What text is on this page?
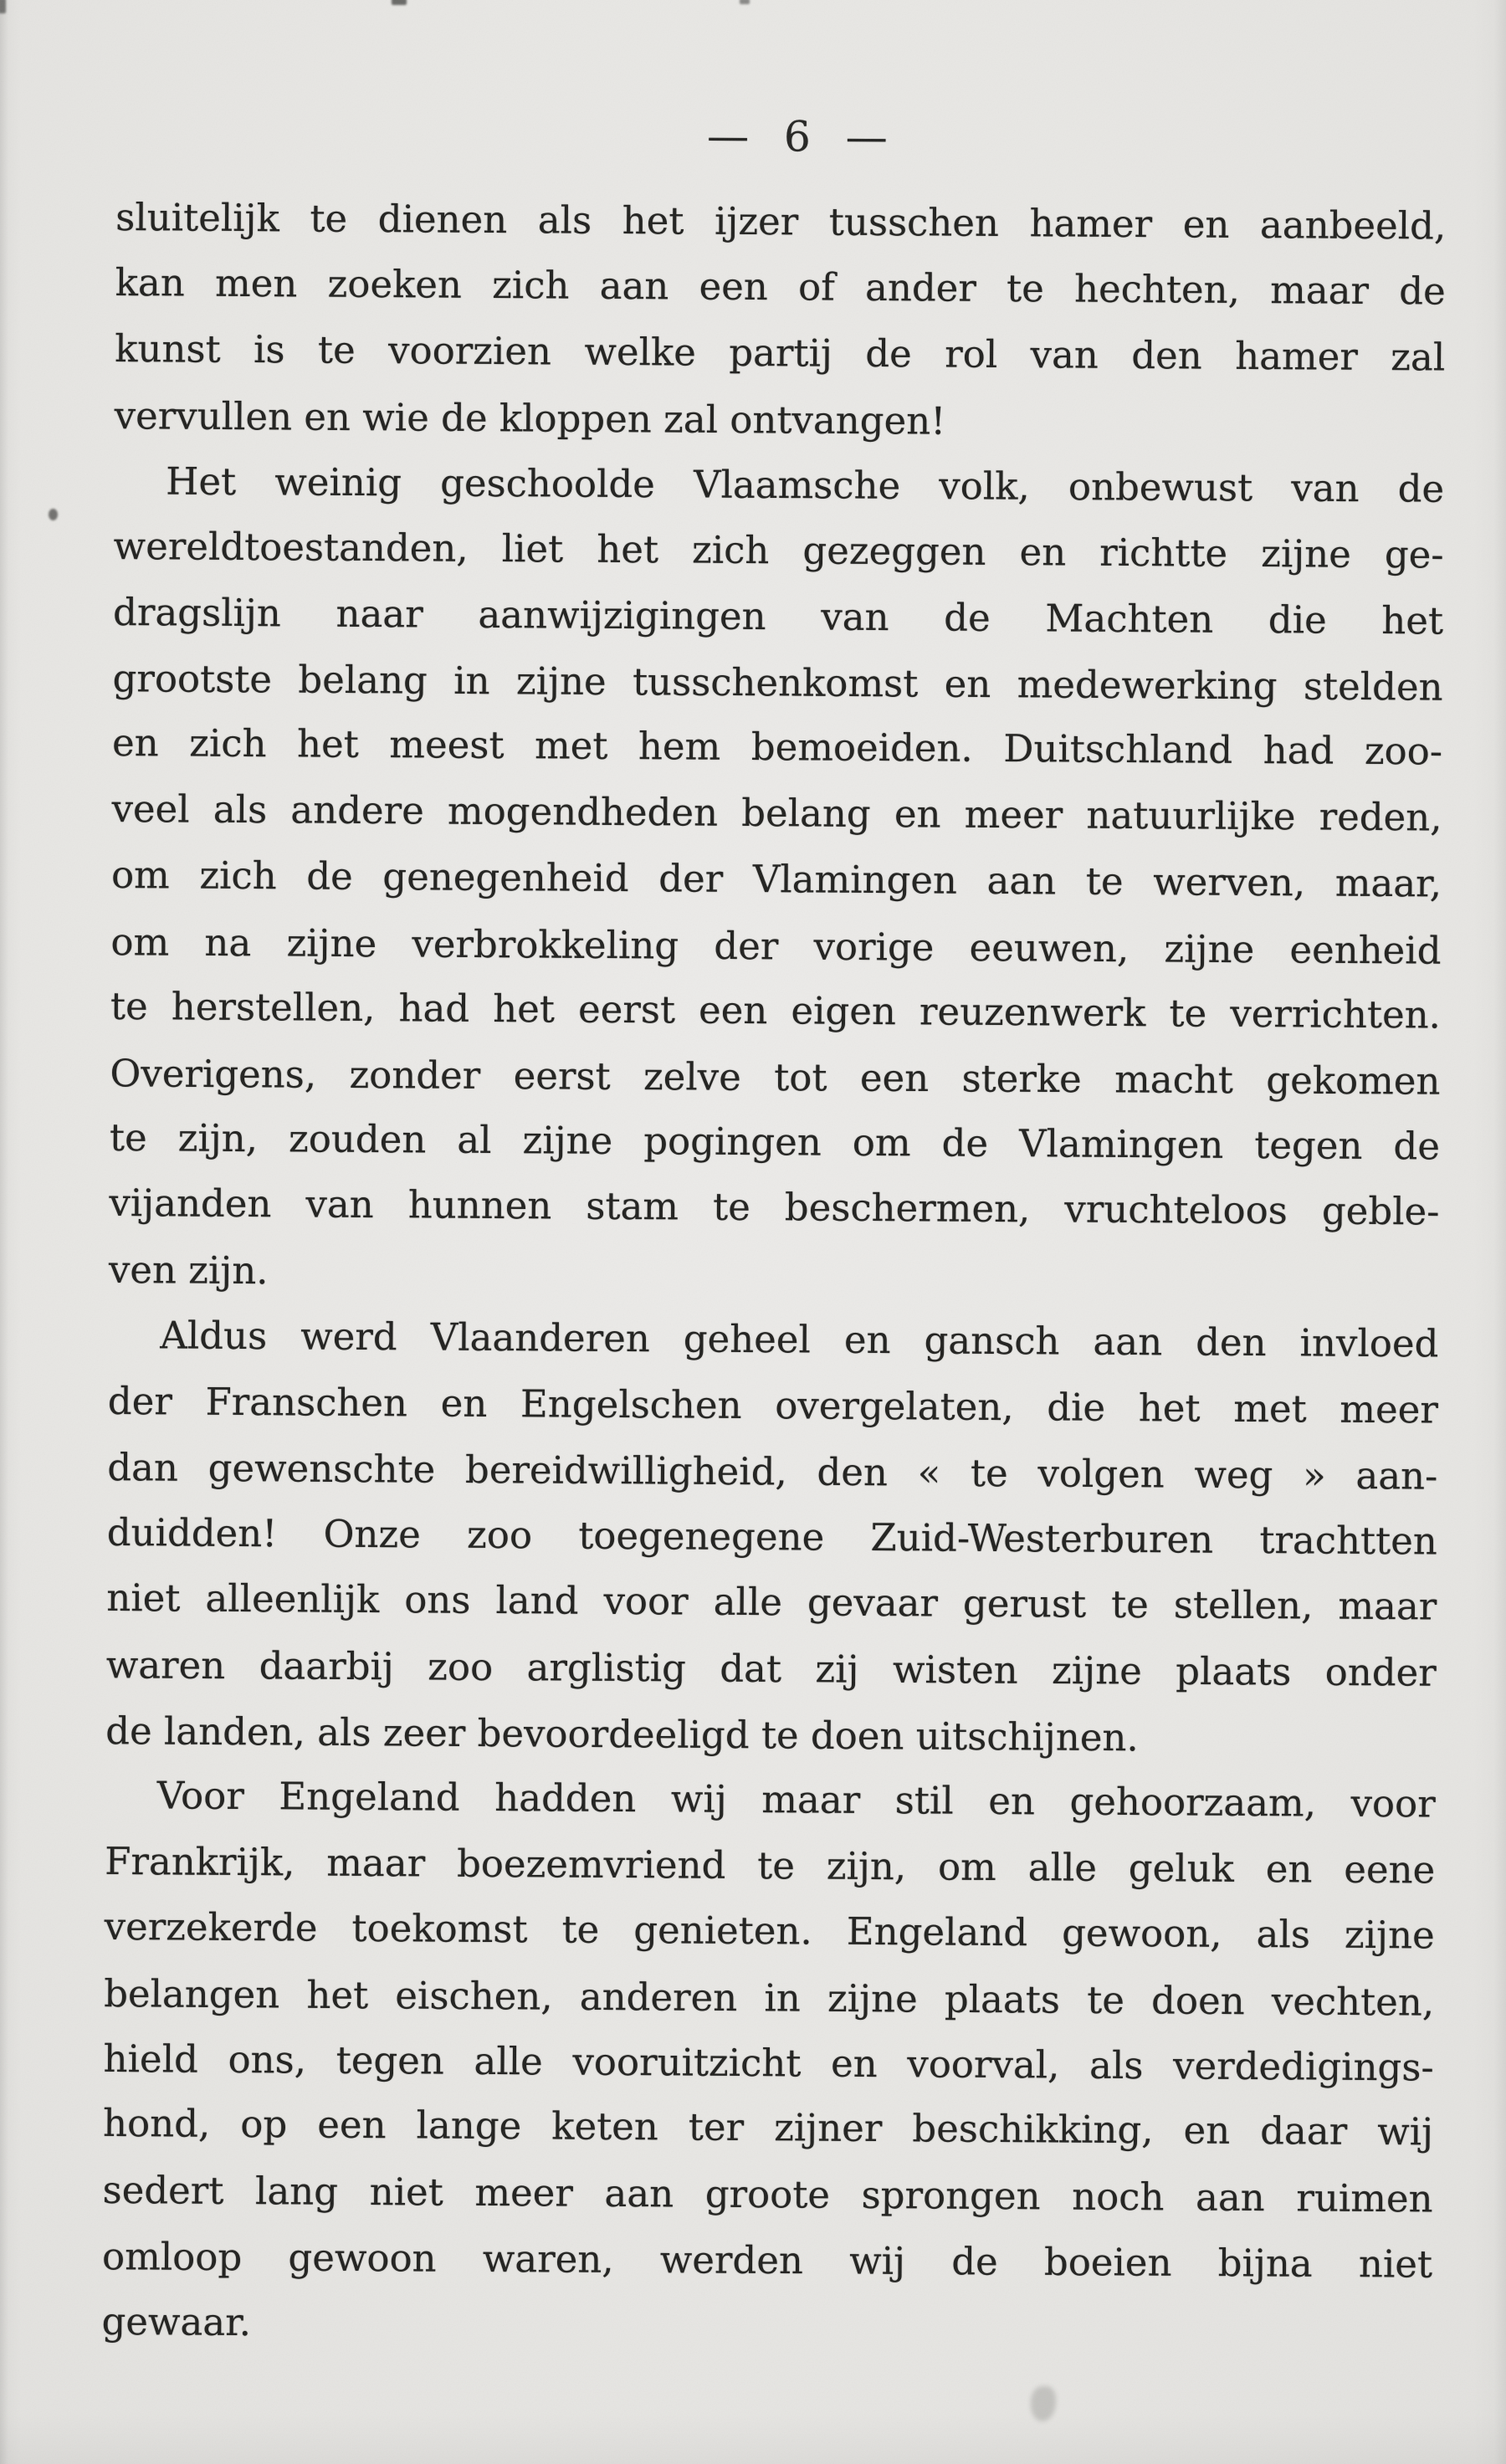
— 6 —
sluitelijk te dienen als het ijzer tusschen hamer en aanbeeld,
kan men zoeken zich aan een of ander te hechten, maar de
kunst is te voorzien welke partij de rol van den hamer zal
vervullen en wie de kloppen zal ontvangen!
Het weinig geschoolde Vlaamsche volk, onbewust van de
wereldtoestanden, liet het zich gezeggen en richtte zijne ge-
dragslijn naar aanwijzigingen van de Machten die het
grootste belang in zijne tusschenkomst en medewerking stelden
en zich het meest met hem bemoeiden. Duitschland had zoo-
veel als andere mogendheden belang en meer natuurlijke reden,
om zich de genegenheid der Vlamingen aan te werven, maar,
om na zijne verbrokkeling der vorige eeuwen, zijne eenheid
te herstellen, had het eerst een eigen reuzenwerk te verrichten.
Overigens, zonder eerst zelve tot een sterke macht gekomen
te zijn, zouden al zijne pogingen om de Vlamingen tegen de
vijanden van hunnen stam te beschermen, vruchteloos geble-
ven zijn.
Aldus werd Vlaanderen geheel en gansch aan den invloed
der Franschen en Engelschen overgelaten, die het met meer
dan gewenschte bereidwilligheid, den « te volgen weg » aan-
duidden! Onze zoo toegenegene Zuid-Westerburen trachtten
niet alleenlijk ons land voor alle gevaar gerust te stellen, maar
waren daarbij zoo arglistig dat zij wisten zijne plaats onder
de landen, als zeer bevoordeeligd te doen uitschijnen.
Voor Engeland hadden wij maar stil en gehoorzaam, voor
Frankrijk, maar boezemvriend te zijn, om alle geluk en eene
verzekerde toekomst te genieten. Engeland gewoon, als zijne
belangen het eischen, anderen in zijne plaats te doen vechten,
hield ons, tegen alle vooruitzicht en voorval, als verdedigings-
hond, op een lange keten ter zijner beschikking, en daar wij
sedert lang niet meer aan groote sprongen noch aan ruimen
omloop gewoon waren, werden wij de boeien bijna niet
gewaar.
